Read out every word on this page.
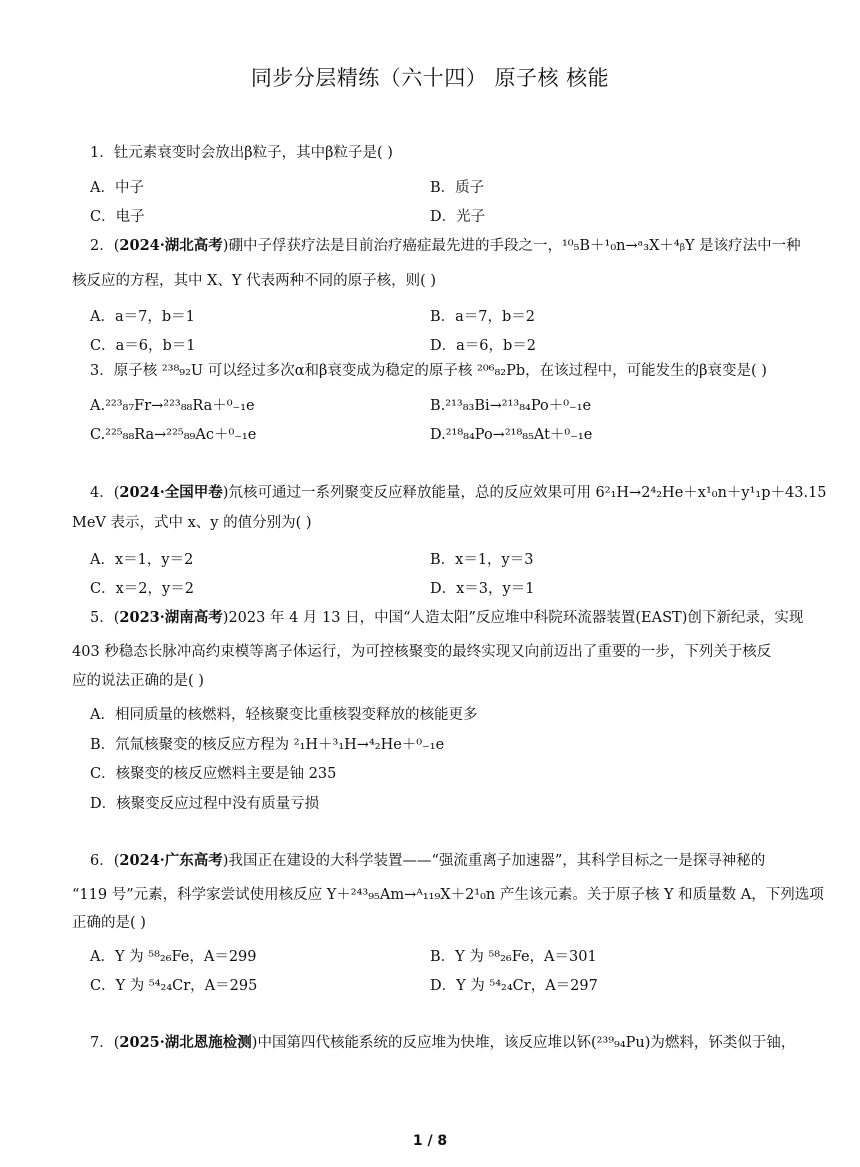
同步分层精练（六十四） 原子核 核能
1．钍元素衰变时会放出β粒子，其中β粒子是( )
A．中子	B．质子
C．电子	D．光子
2．(2024·湖北高考)硼中子俘获疗法是目前治疗癌症最先进的手段之一，¹⁰₅B＋¹₀n→ᵃ₃X＋⁴ᵦY 是该疗法中一种
核反应的方程，其中 X、Y 代表两种不同的原子核，则( )
A．a＝7，b＝1	B．a＝7，b＝2
C．a＝6，b＝1	D．a＝6，b＝2
3．原子核 ²³⁸₉₂U 可以经过多次α和β衰变成为稳定的原子核 ²⁰⁶₈₂Pb，在该过程中，可能发生的β衰变是( )
A.²²³₈₇Fr→²²³₈₈Ra＋⁰₋₁e	B.²¹³₈₃Bi→²¹³₈₄Po＋⁰₋₁e
C.²²⁵₈₈Ra→²²⁵₈₉Ac＋⁰₋₁e	D.²¹⁸₈₄Po→²¹⁸₈₅At＋⁰₋₁e
4．(2024·全国甲卷)氘核可通过一系列聚变反应释放能量，总的反应效果可用 6²₁H→2⁴₂He＋x¹₀n＋y¹₁p＋43.15
MeV 表示，式中 x、y 的值分别为( )
A．x＝1，y＝2	B．x＝1，y＝3
C．x＝2，y＝2	D．x＝3，y＝1
5．(2023·湖南高考)2023 年 4 月 13 日，中国“人造太阳”反应堆中科院环流器装置(EAST)创下新纪录，实现
403 秒稳态长脉冲高约束模等离子体运行，为可控核聚变的最终实现又向前迈出了重要的一步，下列关于核反
应的说法正确的是( )
A．相同质量的核燃料，轻核聚变比重核裂变释放的核能更多
B．氘氚核聚变的核反应方程为 ²₁H＋³₁H→⁴₂He＋⁰₋₁e
C．核聚变的核反应燃料主要是铀 235
D．核聚变反应过程中没有质量亏损
6．(2024·广东高考)我国正在建设的大科学装置——“强流重离子加速器”，其科学目标之一是探寻神秘的
“119 号”元素，科学家尝试使用核反应 Y＋²⁴³₉₅Am→ᴬ₁₁₉X＋2¹₀n 产生该元素。关于原子核 Y 和质量数 A，下列选项
正确的是( )
A．Y 为 ⁵⁸₂₆Fe，A＝299	B．Y 为 ⁵⁸₂₆Fe，A＝301
C．Y 为 ⁵⁴₂₄Cr，A＝295	D．Y 为 ⁵⁴₂₄Cr，A＝297
7．(2025·湖北恩施检测)中国第四代核能系统的反应堆为快堆，该反应堆以钚(²³⁹₉₄Pu)为燃料，钚类似于铀，
1 / 8
